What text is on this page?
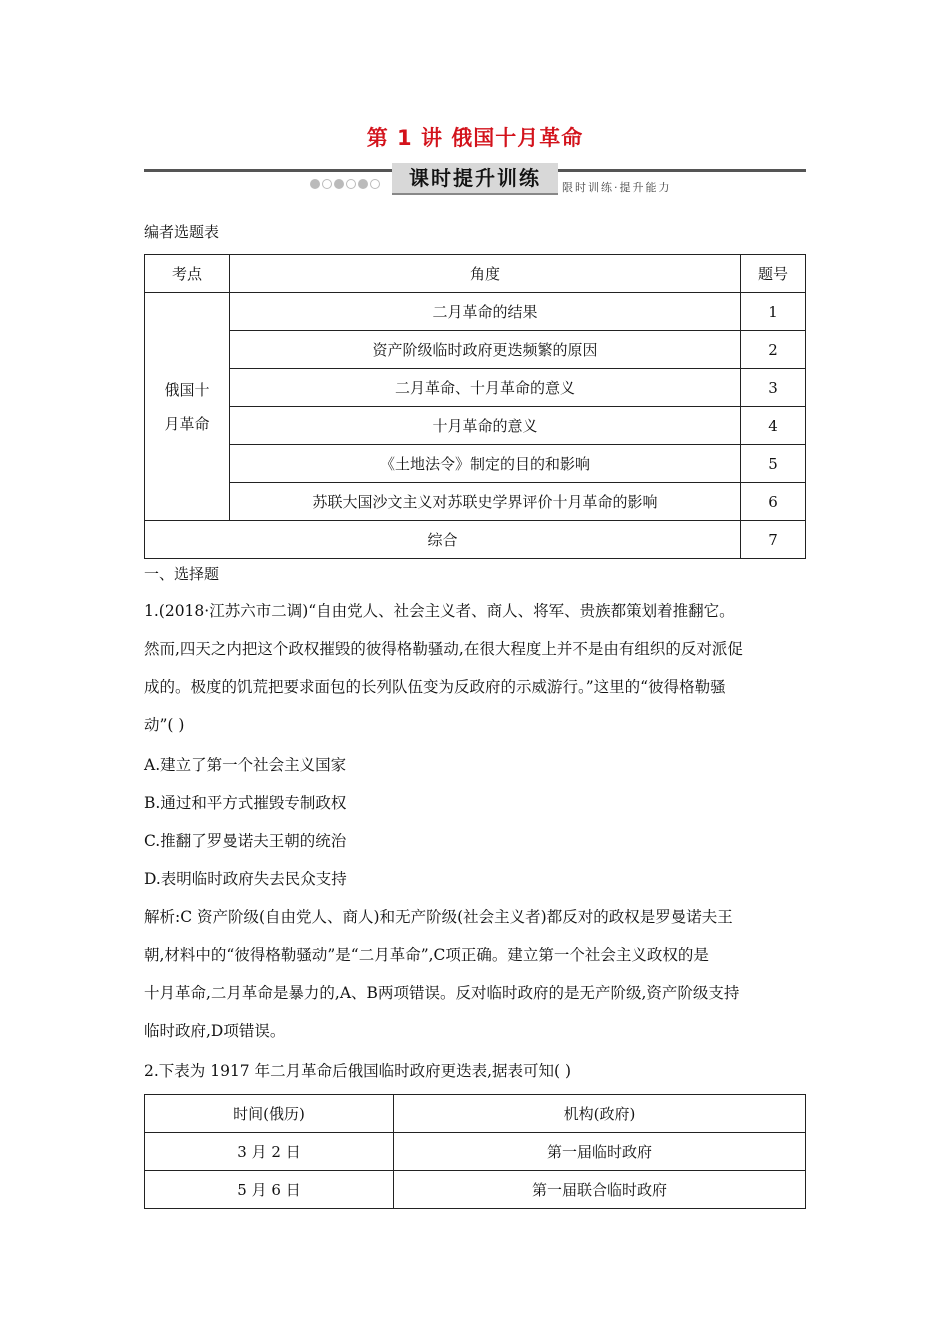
第 1 讲 俄国十月革命
课时提升训练	限时训练·提升能力
编者选题表
考点	角度	题号

俄国十
月革命	二月革命的结果	1
	资产阶级临时政府更迭频繁的原因	2
	二月革命、十月革命的意义	3
	十月革命的意义	4
	《土地法令》制定的目的和影响	5
	苏联大国沙文主义对苏联史学界评价十月革命的影响	6
综合		7
一、选择题
1.(2018·江苏六市二调)“自由党人、社会主义者、商人、将军、贵族都策划着推翻它。
然而,四天之内把这个政权摧毁的彼得格勒骚动,在很大程度上并不是由有组织的反对派促
成的。极度的饥荒把要求面包的长列队伍变为反政府的示威游行。”这里的“彼得格勒骚
动”( )
A.建立了第一个社会主义国家
B.通过和平方式摧毁专制政权
C.推翻了罗曼诺夫王朝的统治
D.表明临时政府失去民众支持
解析:C 资产阶级(自由党人、商人)和无产阶级(社会主义者)都反对的政权是罗曼诺夫王
朝,材料中的“彼得格勒骚动”是“二月革命”,C项正确。建立第一个社会主义政权的是
十月革命,二月革命是暴力的,A、B两项错误。反对临时政府的是无产阶级,资产阶级支持
临时政府,D项错误。
2.下表为 1917 年二月革命后俄国临时政府更迭表,据表可知( )
时间(俄历)	机构(政府)
3 月 2 日	第一届临时政府
5 月 6 日	第一届联合临时政府
